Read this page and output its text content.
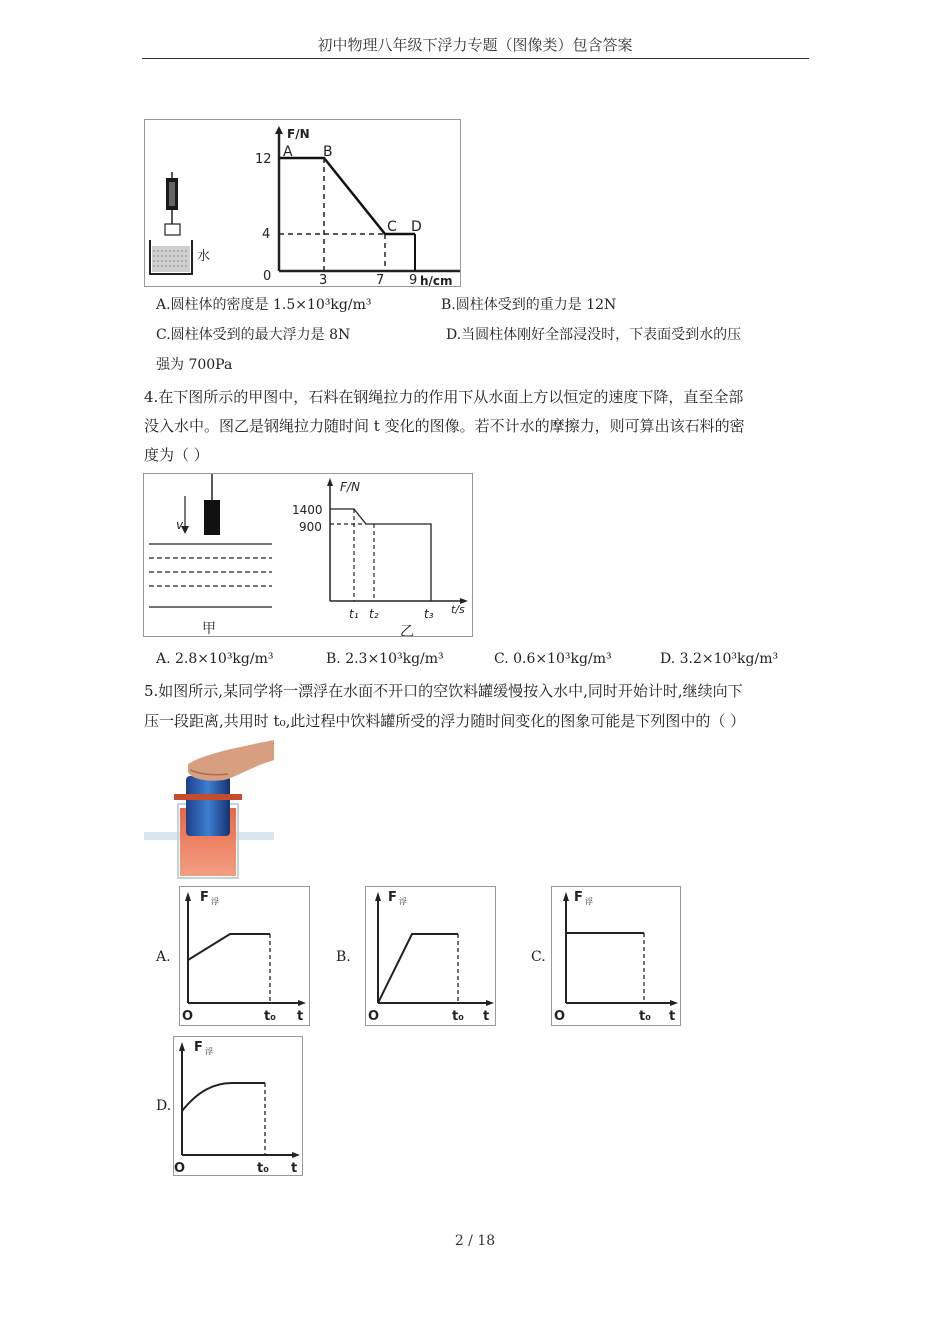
初中物理八年级下浮力专题（图像类）包含答案
水
F/N
h/cm
0
12
4
3	7 9
A B
C D
A.圆柱体的密度是 1.5×10³kg/m³	B.圆柱体受到的重力是 12N
C.圆柱体受到的最大浮力是 8N	D.当圆柱体刚好全部浸没时，下表面受到水的压
强为 700Pa
4.在下图所示的甲图中，石料在钢绳拉力的作用下从水面上方以恒定的速度下降，直至全部
没入水中。图乙是钢绳拉力随时间 t 变化的图像。若不计水的摩擦力，则可算出该石料的密
度为（ ）
v
甲
F/N
t/s
1400
900
t₁ t₂	t₃
乙
A. 2.8×10³kg/m³	B. 2.3×10³kg/m³	C. 0.6×10³kg/m³	D. 3.2×10³kg/m³
5.如图所示,某同学将一漂浮在水面不开口的空饮料罐缓慢按入水中,同时开始计时,继续向下
压一段距离,共用时 t₀,此过程中饮料罐所受的浮力随时间变化的图象可能是下列图中的（ ）
A.
F 浮
O	t₀ t
B.
F 浮
O	t₀ t
C.
F 浮
O	t₀ t
D.
F 浮
O	t₀ t
2 / 18
